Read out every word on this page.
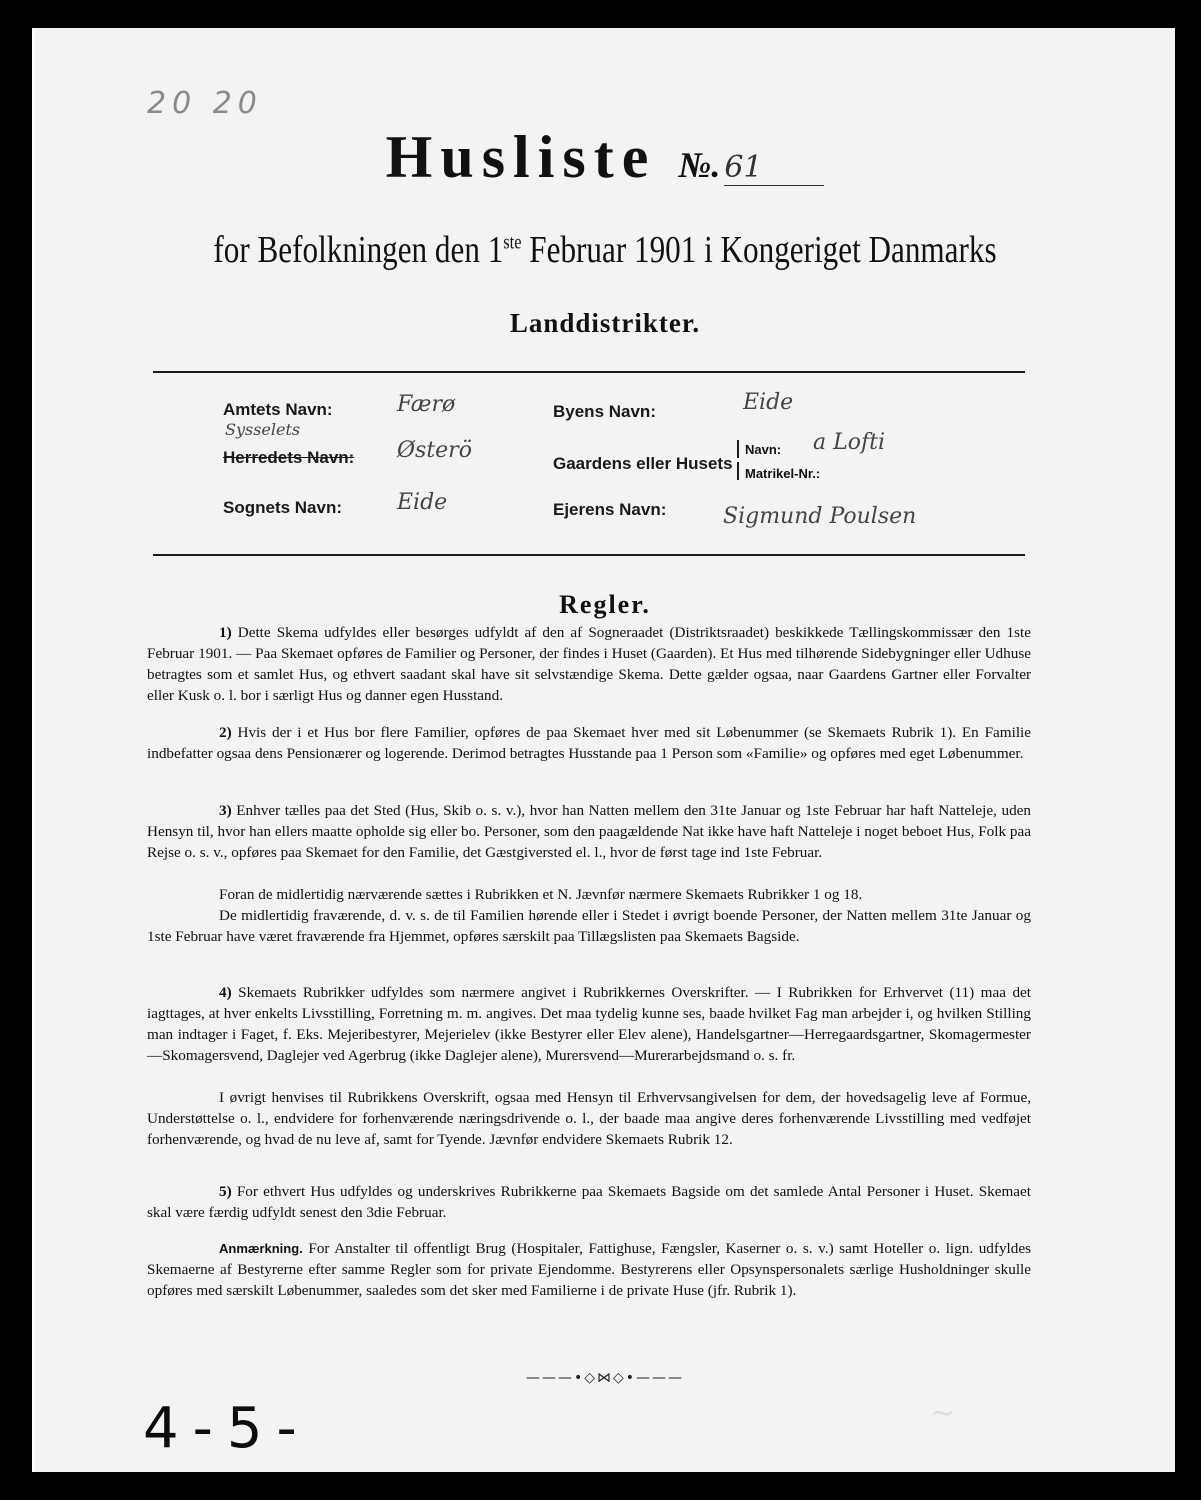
20 20
Husliste №. 61
for Befolkningen den 1ste Februar 1901 i Kongeriget Danmarks
Landdistrikter.
Amtets Navn:	Færø	Byens Navn:	Eide
Sysselets
Herredets Navn: Østerö
Gaardens eller Husets
Navn: a Lofti
Matrikel-Nr.:
Sognets Navn: Eide	Ejerens Navn:	Sigmund Poulsen
Regler.

1) Dette Skema udfyldes eller besørges udfyldt af den af Sogneraadet (Distriktsraadet) beskikkede Tællingskommissær den 1ste Februar 1901. — Paa Skemaet opføres de Familier og Personer, der findes i Huset (Gaarden). Et Hus med tilhørende Sidebygninger eller Udhuse betragtes som et samlet Hus, og ethvert saadant skal have sit selvstændige Skema. Dette gælder ogsaa, naar Gaardens Gartner eller Forvalter eller Kusk o. l. bor i særligt Hus og danner egen Husstand.

2) Hvis der i et Hus bor flere Familier, opføres de paa Skemaet hver med sit Løbenummer (se Skemaets Rubrik 1). En Familie indbefatter ogsaa dens Pensionærer og logerende. Derimod betragtes Husstande paa 1 Person som «Familie» og opføres med eget Løbenummer.

3) Enhver tælles paa det Sted (Hus, Skib o. s. v.), hvor han Natten mellem den 31te Januar og 1ste Februar har haft Natteleje, uden Hensyn til, hvor han ellers maatte opholde sig eller bo. Personer, som den paagældende Nat ikke have haft Natteleje i noget beboet Hus, Folk paa Rejse o. s. v., opføres paa Skemaet for den Familie, det Gæstgiversted el. l., hvor de først tage ind 1ste Februar.

Foran de midlertidig nærværende sættes i Rubrikken et N. Jævnfør nærmere Skemaets Rubrikker 1 og 18.

De midlertidig fraværende, d. v. s. de til Familien hørende eller i Stedet i øvrigt boende Personer, der Natten mellem 31te Januar og 1ste Februar have været fraværende fra Hjemmet, opføres særskilt paa Tillægslisten paa Skemaets Bagside.

4) Skemaets Rubrikker udfyldes som nærmere angivet i Rubrikkernes Overskrifter. — I Rubrikken for Erhvervet (11) maa det iagttages, at hver enkelts Livsstilling, Forretning m. m. angives. Det maa tydelig kunne ses, baade hvilket Fag man arbejder i, og hvilken Stilling man indtager i Faget, f. Eks. Mejeribestyrer, Mejerielev (ikke Bestyrer eller Elev alene), Handelsgartner—Herregaardsgartner, Skomagermester—Skomagersvend, Daglejer ved Agerbrug (ikke Daglejer alene), Murersvend—Murerarbejdsmand o. s. fr.

I øvrigt henvises til Rubrikkens Overskrift, ogsaa med Hensyn til Erhvervsangivelsen for dem, der hovedsagelig leve af Formue, Understøttelse o. l., endvidere for forhenværende næringsdrivende o. l., der baade maa angive deres forhenværende Livsstilling med vedføjet forhenværende, og hvad de nu leve af, samt for Tyende. Jævnfør endvidere Skemaets Rubrik 12.

5) For ethvert Hus udfyldes og underskrives Rubrikkerne paa Skemaets Bagside om det samlede Antal Personer i Huset. Skemaet skal være færdig udfyldt senest den 3die Februar.

Anmærkning. For Anstalter til offentligt Brug (Hospitaler, Fattighuse, Fængsler, Kaserner o. s. v.) samt Hoteller o. lign. udfyldes Skemaerne af Bestyrerne efter samme Regler som for private Ejendomme. Bestyrerens eller Opsynspersonalets særlige Husholdninger skulle opføres med særskilt Løbenummer, saaledes som det sker med Familierne i de private Huse (jfr. Rubrik 1).

———•◇⋈◇•———
4-5-	~
